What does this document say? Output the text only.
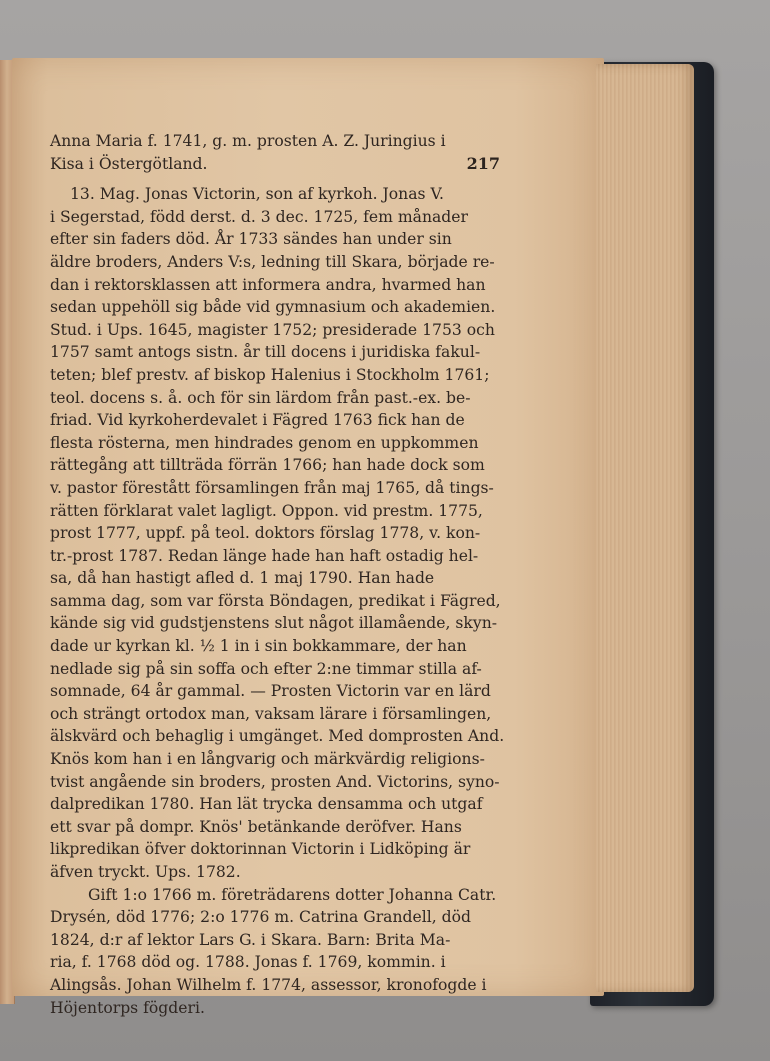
217
Anna Maria f. 1741, g. m. prosten A. Z. Juringius i
Kisa i Östergötland.
13. Mag. Jonas Victorin, son af kyrkoh. Jonas V.
i Segerstad, född derst. d. 3 dec. 1725, fem månader
efter sin faders död. År 1733 sändes han under sin
äldre broders, Anders V:s, ledning till Skara, började re-
dan i rektorsklassen att informera andra, hvarmed han
sedan uppehöll sig både vid gymnasium och akademien.
Stud. i Ups. 1645, magister 1752; presiderade 1753 och
1757 samt antogs sistn. år till docens i juridiska fakul-
teten; blef prestv. af biskop Halenius i Stockholm 1761;
teol. docens s. å. och för sin lärdom från past.-ex. be-
friad. Vid kyrkoherdevalet i Fägred 1763 fick han de
flesta rösterna, men hindrades genom en uppkommen
rättegång att tillträda förrän 1766; han hade dock som
v. pastor förestått församlingen från maj 1765, då tings-
rätten förklarat valet lagligt. Oppon. vid prestm. 1775,
prost 1777, uppf. på teol. doktors förslag 1778, v. kon-
tr.-prost 1787. Redan länge hade han haft ostadig hel-
sa, då han hastigt afled d. 1 maj 1790. Han hade
samma dag, som var första Böndagen, predikat i Fägred,
kände sig vid gudstjenstens slut något illamående, skyn-
dade ur kyrkan kl. ½ 1 in i sin bokkammare, der han
nedlade sig på sin soffa och efter 2:ne timmar stilla af-
somnade, 64 år gammal. — Prosten Victorin var en lärd
och strängt ortodox man, vaksam lärare i församlingen,
älskvärd och behaglig i umgänget. Med domprosten And.
Knös kom han i en långvarig och märkvärdig religions-
tvist angående sin broders, prosten And. Victorins, syno-
dalpredikan 1780. Han lät trycka densamma och utgaf
ett svar på dompr. Knös' betänkande deröfver. Hans
likpredikan öfver doktorinnan Victorin i Lidköping är
äfven tryckt. Ups. 1782.
Gift 1:o 1766 m. företrädarens dotter Johanna Catr.
Drysén, död 1776; 2:o 1776 m. Catrina Grandell, död
1824, d:r af lektor Lars G. i Skara. Barn: Brita Ma-
ria, f. 1768 död og. 1788. Jonas f. 1769, kommin. i
Alingsås. Johan Wilhelm f. 1774, assessor, kronofogde i
Höjentorps fögderi.
